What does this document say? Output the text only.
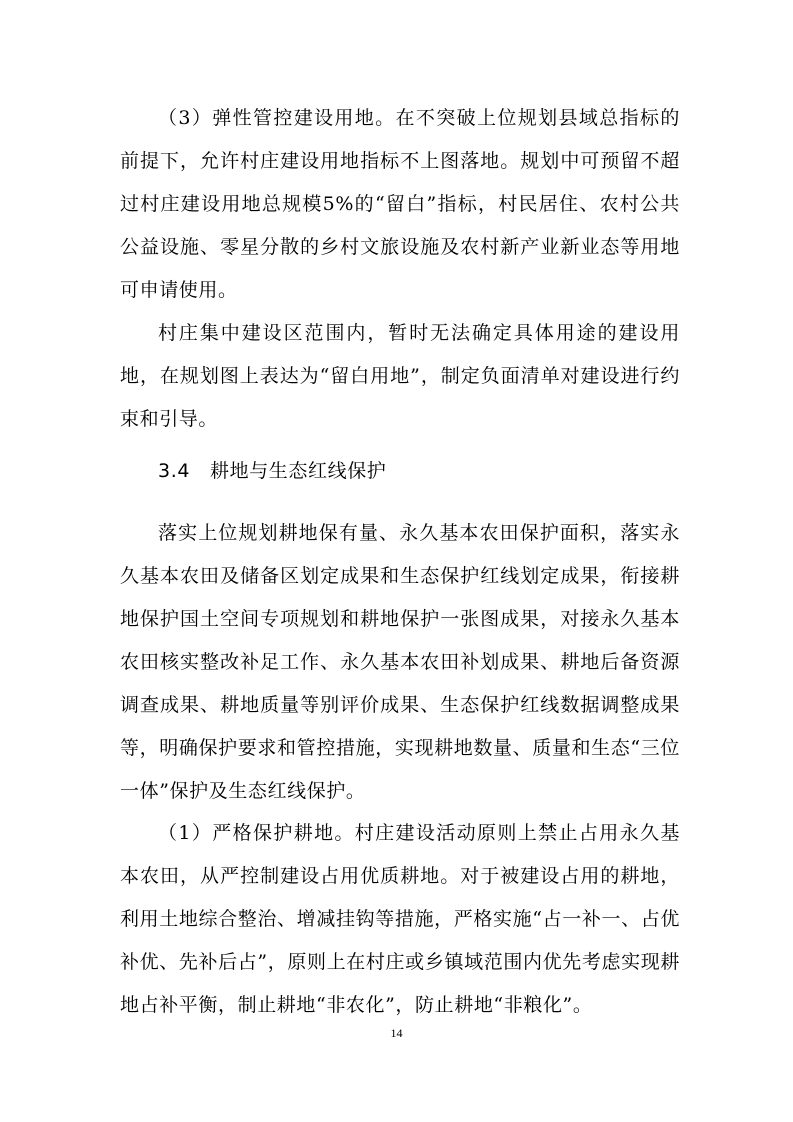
（3）弹性管控建设用地。在不突破上位规划县域总指标的前提下，允许村庄建设用地指标不上图落地。规划中可预留不超过村庄建设用地总规模5%的“留白”指标，村民居住、农村公共公益设施、零星分散的乡村文旅设施及农村新产业新业态等用地可申请使用。

村庄集中建设区范围内，暂时无法确定具体用途的建设用地，在规划图上表达为“留白用地”，制定负面清单对建设进行约束和引导。

3.4 耕地与生态红线保护

落实上位规划耕地保有量、永久基本农田保护面积，落实永久基本农田及储备区划定成果和生态保护红线划定成果，衔接耕地保护国土空间专项规划和耕地保护一张图成果，对接永久基本农田核实整改补足工作、永久基本农田补划成果、耕地后备资源调查成果、耕地质量等别评价成果、生态保护红线数据调整成果等，明确保护要求和管控措施，实现耕地数量、质量和生态“三位一体”保护及生态红线保护。

（1）严格保护耕地。村庄建设活动原则上禁止占用永久基本农田，从严控制建设占用优质耕地。对于被建设占用的耕地，利用土地综合整治、增减挂钩等措施，严格实施“占一补一、占优补优、先补后占”，原则上在村庄或乡镇域范围内优先考虑实现耕地占补平衡，制止耕地“非农化”，防止耕地“非粮化”。

14
